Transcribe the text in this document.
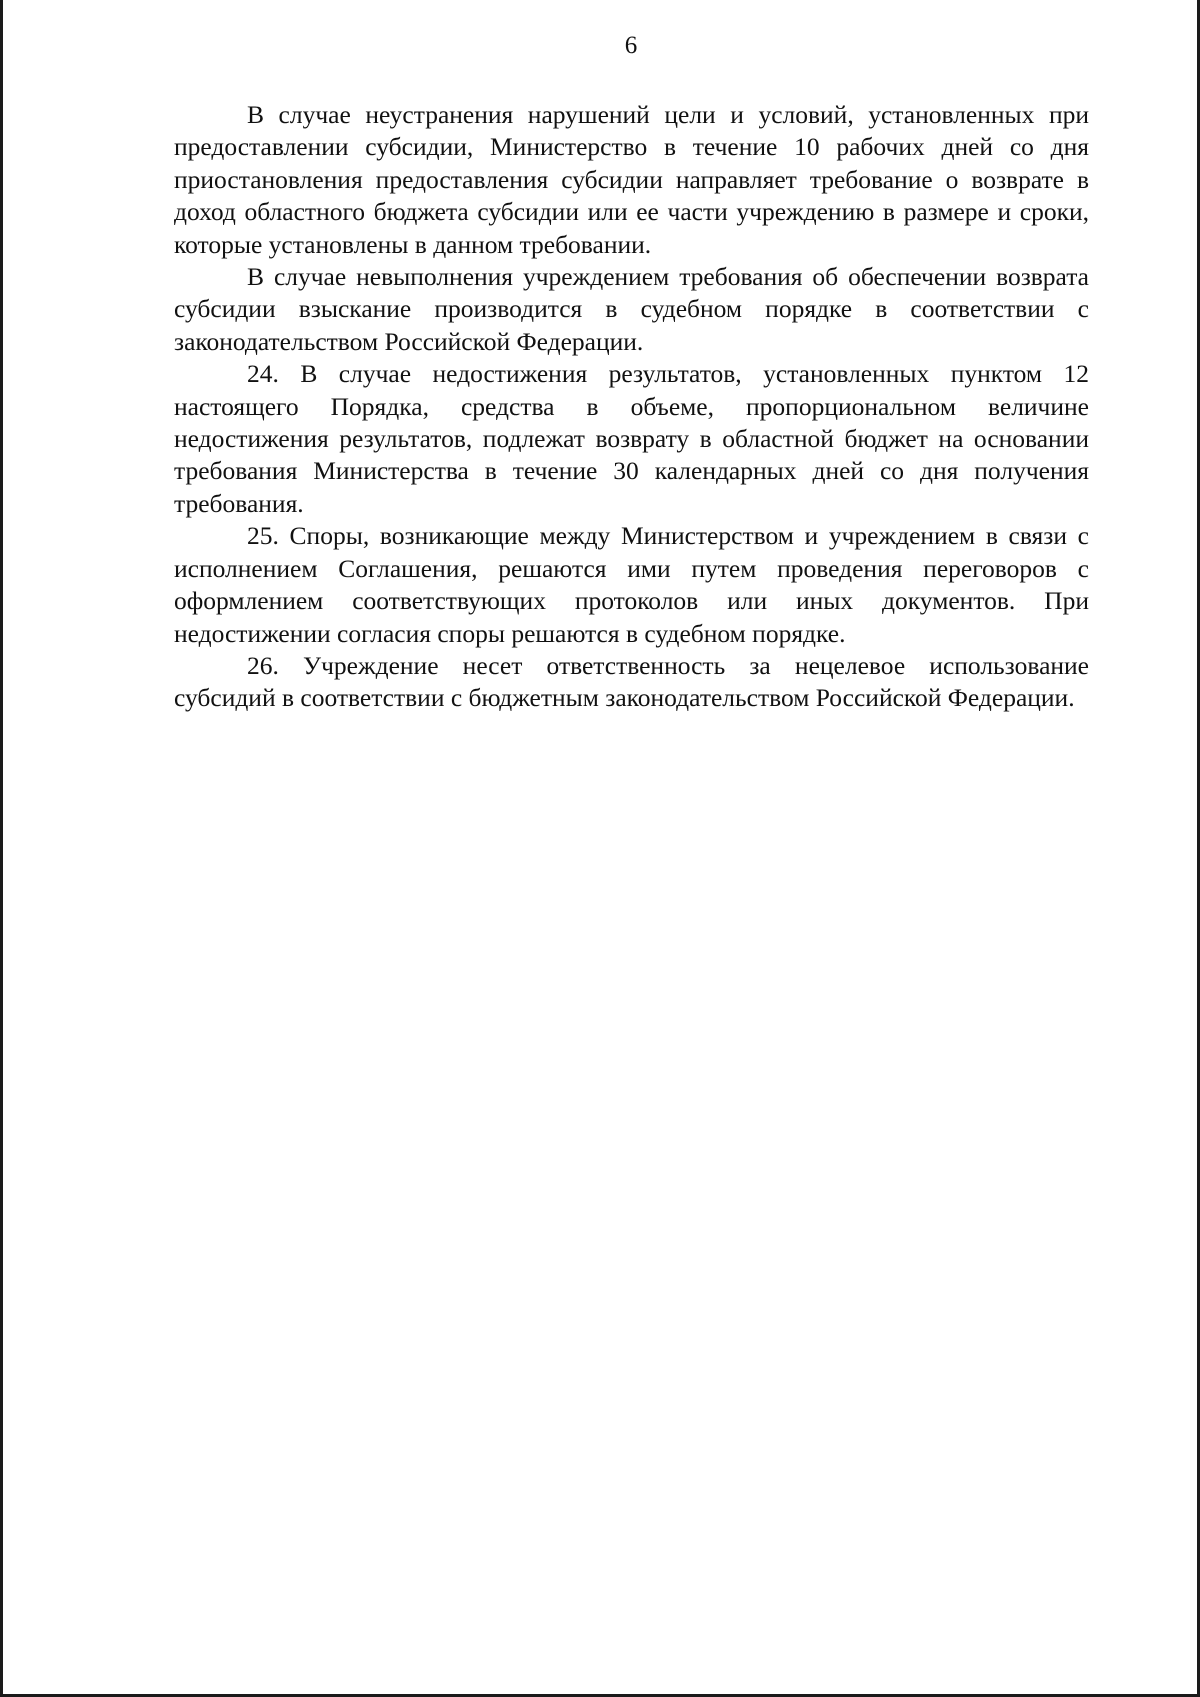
6

В случае неустранения нарушений цели и условий, установленных при предоставлении субсидии, Министерство в течение 10 рабочих дней со дня приостановления предоставления субсидии направляет требование о возврате в доход областного бюджета субсидии или ее части учреждению в размере и сроки, которые установлены в данном требовании.

В случае невыполнения учреждением требования об обеспечении возврата субсидии взыскание производится в судебном порядке в соответствии с законодательством Российской Федерации.

24. В случае недостижения результатов, установленных пунктом 12 настоящего Порядка, средства в объеме, пропорциональном величине недостижения результатов, подлежат возврату в областной бюджет на основании требования Министерства в течение 30 календарных дней со дня получения требования.

25. Споры, возникающие между Министерством и учреждением в связи с исполнением Соглашения, решаются ими путем проведения переговоров с оформлением соответствующих протоколов или иных документов. При недостижении согласия споры решаются в судебном порядке.

26. Учреждение несет ответственность за нецелевое использование субсидий в соответствии с бюджетным законодательством Российской Федерации.
